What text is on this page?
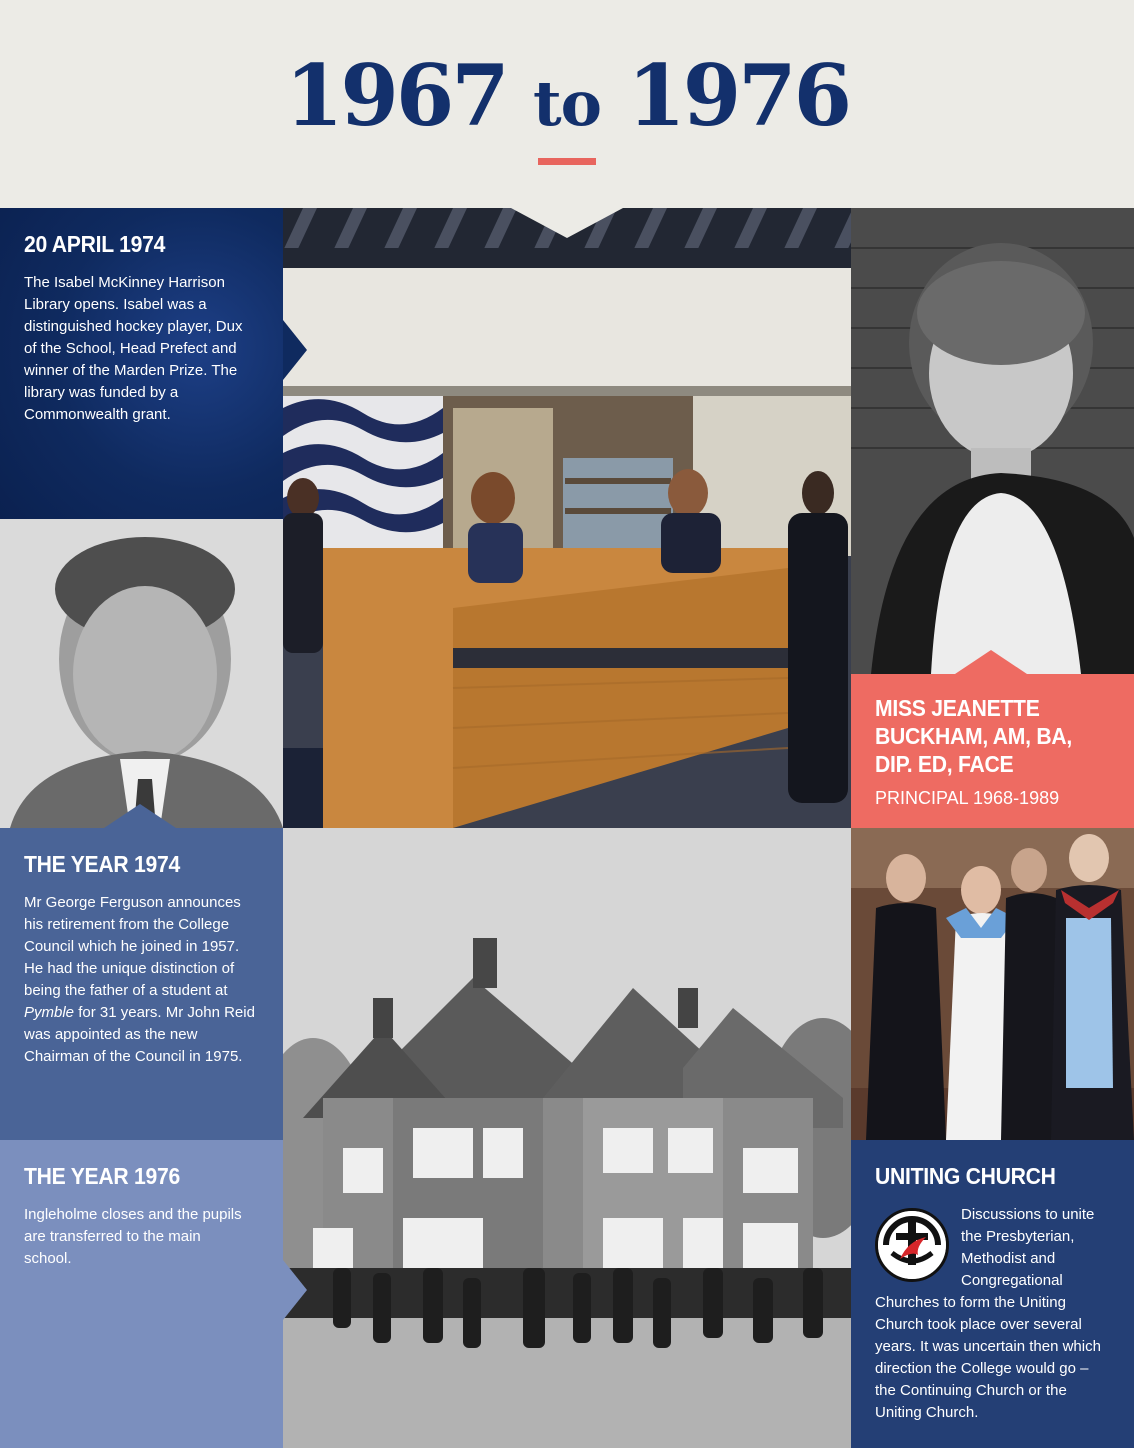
1967 to 1976
20 APRIL 1974

The Isabel McKinney Harrison Library opens. Isabel was a distinguished hockey player, Dux of the School, Head Prefect and winner of the Marden Prize. The library was funded by a Commonwealth grant.

MISS JEANETTE BUCKHAM, AM, BA, DIP. ED, FACE

PRINCIPAL 1968-1989

THE YEAR 1974

Mr George Ferguson announces his retirement from the College Council which he joined in 1957. He had the unique distinction of being the father of a student at Pymble for 31 years. Mr John Reid was appointed as the new Chairman of the Council in 1975.

THE YEAR 1976

Ingleholme closes and the pupils are transferred to the main school.

UNITING CHURCH

Discussions to unite the Presbyterian, Methodist and Congregational Churches to form the Uniting Church took place over several years. It was uncertain then which direction the College would go – the Continuing Church or the Uniting Church.
